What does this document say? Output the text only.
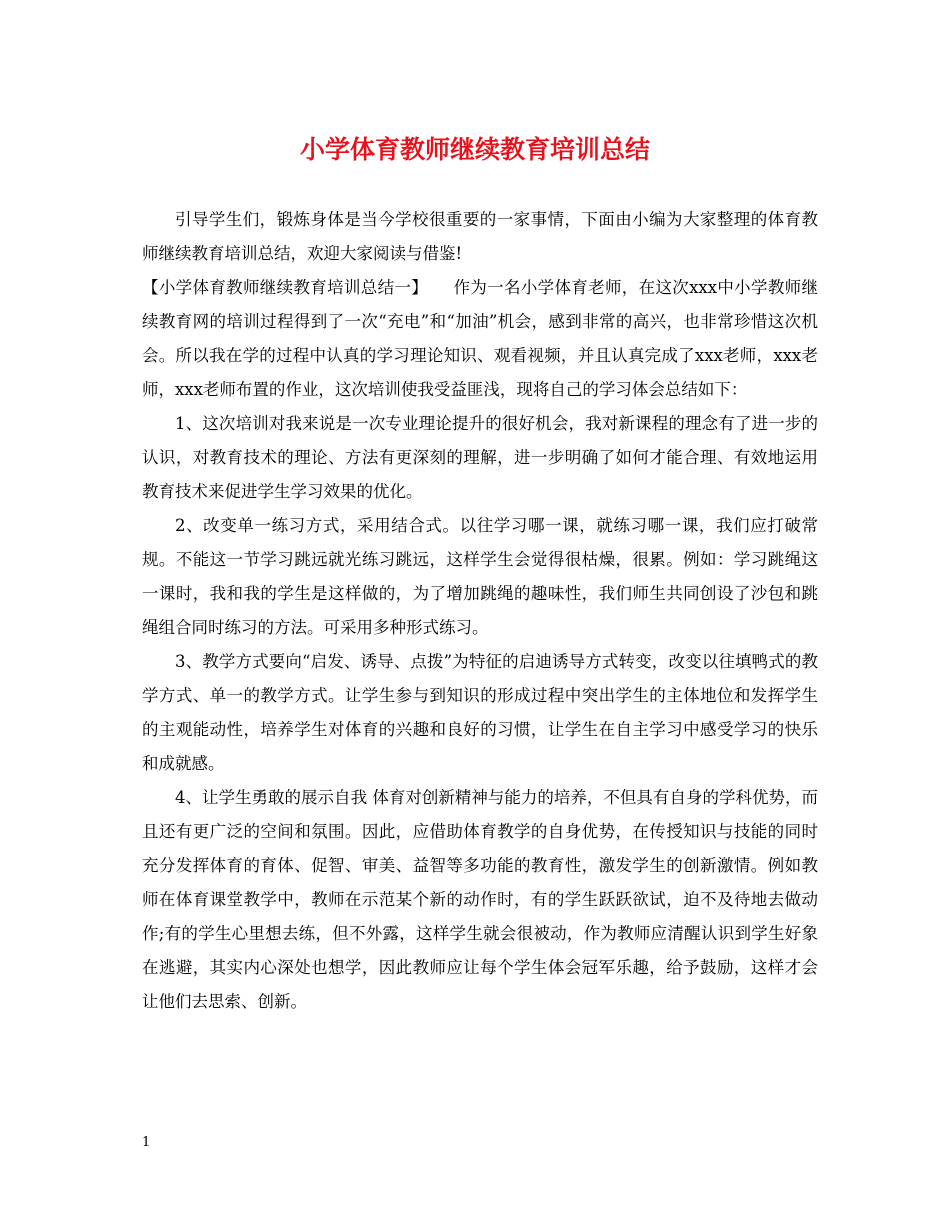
小学体育教师继续教育培训总结

引导学生们，锻炼身体是当今学校很重要的一家事情，下面由小编为大家整理的体育教师继续教育培训总结，欢迎大家阅读与借鉴!

【小学体育教师继续教育培训总结一】　　作为一名小学体育老师，在这次xxx中小学教师继续教育网的培训过程得到了一次“充电”和“加油”机会，感到非常的高兴，也非常珍惜这次机会。所以我在学的过程中认真的学习理论知识、观看视频，并且认真完成了xxx老师，xxx老师，xxx老师布置的作业，这次培训使我受益匪浅，现将自己的学习体会总结如下：

1、这次培训对我来说是一次专业理论提升的很好机会，我对新课程的理念有了进一步的认识，对教育技术的理论、方法有更深刻的理解，进一步明确了如何才能合理、有效地运用教育技术来促进学生学习效果的优化。

2、改变单一练习方式，采用结合式。以往学习哪一课，就练习哪一课，我们应打破常规。不能这一节学习跳远就光练习跳远，这样学生会觉得很枯燥，很累。例如：学习跳绳这一课时，我和我的学生是这样做的，为了增加跳绳的趣味性，我们师生共同创设了沙包和跳绳组合同时练习的方法。可采用多种形式练习。

3、教学方式要向“启发、诱导、点拨”为特征的启迪诱导方式转变，改变以往填鸭式的教学方式、单一的教学方式。让学生参与到知识的形成过程中突出学生的主体地位和发挥学生的主观能动性，培养学生对体育的兴趣和良好的习惯，让学生在自主学习中感受学习的快乐和成就感。

4、让学生勇敢的展示自我 体育对创新精神与能力的培养，不但具有自身的学科优势，而且还有更广泛的空间和氛围。因此，应借助体育教学的自身优势，在传授知识与技能的同时充分发挥体育的育体、促智、审美、益智等多功能的教育性，激发学生的创新激情。例如教师在体育课堂教学中，教师在示范某个新的动作时，有的学生跃跃欲试，迫不及待地去做动作;有的学生心里想去练，但不外露，这样学生就会很被动，作为教师应清醒认识到学生好象在逃避，其实内心深处也想学，因此教师应让每个学生体会冠军乐趣，给予鼓励，这样才会让他们去思索、创新。

1
